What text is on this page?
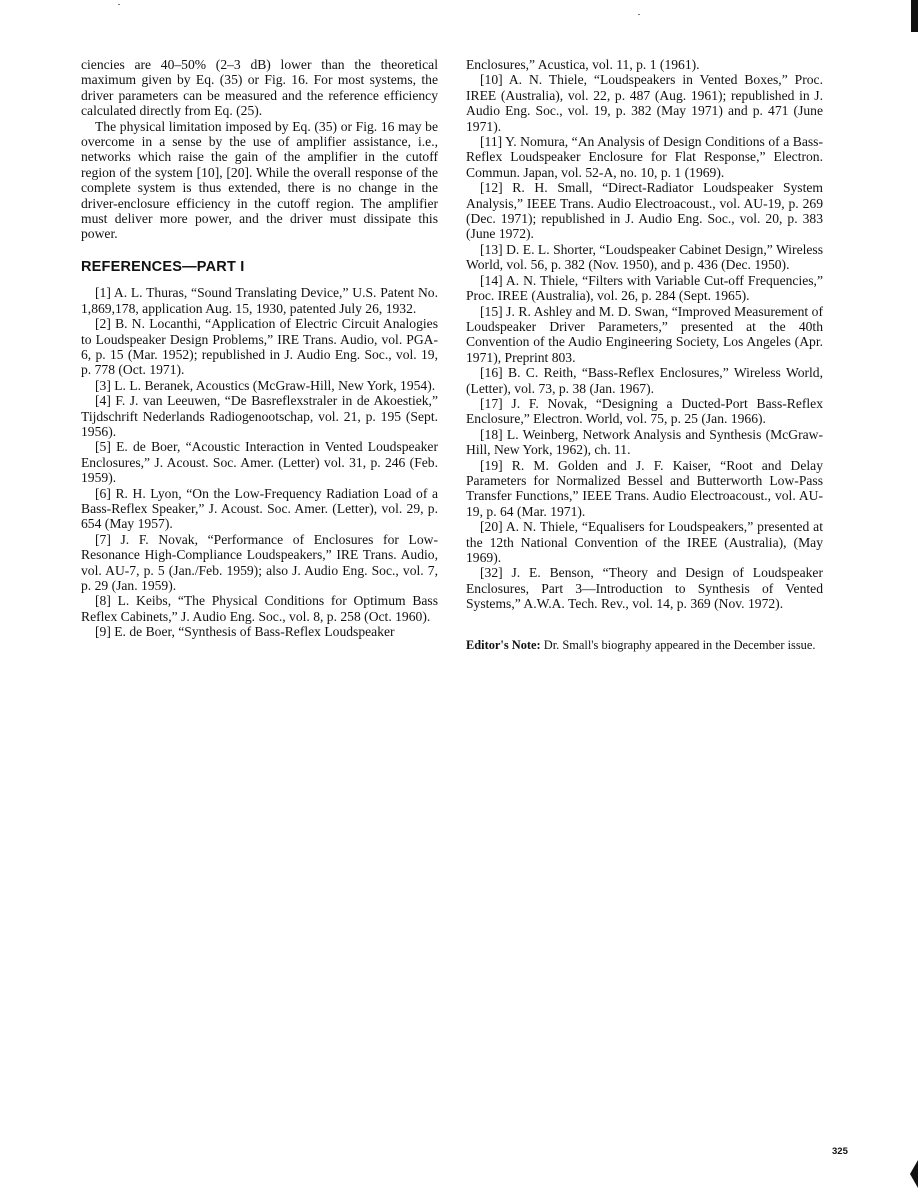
ciencies are 40–50% (2–3 dB) lower than the theoretical maximum given by Eq. (35) or Fig. 16. For most systems, the driver parameters can be measured and the reference efficiency calculated directly from Eq. (25).

The physical limitation imposed by Eq. (35) or Fig. 16 may be overcome in a sense by the use of amplifier assistance, i.e., networks which raise the gain of the amplifier in the cutoff region of the system [10], [20]. While the overall response of the complete system is thus extended, there is no change in the driver-enclosure efficiency in the cutoff region. The amplifier must deliver more power, and the driver must dissipate this power.

REFERENCES—PART I

[1] A. L. Thuras, “Sound Translating Device,” U.S. Patent No. 1,869,178, application Aug. 15, 1930, patented July 26, 1932.

[2] B. N. Locanthi, “Application of Electric Circuit Analogies to Loudspeaker Design Problems,” IRE Trans. Audio, vol. PGA-6, p. 15 (Mar. 1952); republished in J. Audio Eng. Soc., vol. 19, p. 778 (Oct. 1971).

[3] L. L. Beranek, Acoustics (McGraw-Hill, New York, 1954).

[4] F. J. van Leeuwen, “De Basreflexstraler in de Akoestiek,” Tijdschrift Nederlands Radiogenootschap, vol. 21, p. 195 (Sept. 1956).

[5] E. de Boer, “Acoustic Interaction in Vented Loudspeaker Enclosures,” J. Acoust. Soc. Amer. (Letter) vol. 31, p. 246 (Feb. 1959).

[6] R. H. Lyon, “On the Low-Frequency Radiation Load of a Bass-Reflex Speaker,” J. Acoust. Soc. Amer. (Letter), vol. 29, p. 654 (May 1957).

[7] J. F. Novak, “Performance of Enclosures for Low-Resonance High-Compliance Loudspeakers,” IRE Trans. Audio, vol. AU-7, p. 5 (Jan./Feb. 1959); also J. Audio Eng. Soc., vol. 7, p. 29 (Jan. 1959).

[8] L. Keibs, “The Physical Conditions for Optimum Bass Reflex Cabinets,” J. Audio Eng. Soc., vol. 8, p. 258 (Oct. 1960).

[9] E. de Boer, “Synthesis of Bass-Reflex Loudspeaker

Enclosures,” Acustica, vol. 11, p. 1 (1961).

[10] A. N. Thiele, “Loudspeakers in Vented Boxes,” Proc. IREE (Australia), vol. 22, p. 487 (Aug. 1961); republished in J. Audio Eng. Soc., vol. 19, p. 382 (May 1971) and p. 471 (June 1971).

[11] Y. Nomura, “An Analysis of Design Conditions of a Bass-Reflex Loudspeaker Enclosure for Flat Response,” Electron. Commun. Japan, vol. 52-A, no. 10, p. 1 (1969).

[12] R. H. Small, “Direct-Radiator Loudspeaker System Analysis,” IEEE Trans. Audio Electroacoust., vol. AU-19, p. 269 (Dec. 1971); republished in J. Audio Eng. Soc., vol. 20, p. 383 (June 1972).

[13] D. E. L. Shorter, “Loudspeaker Cabinet Design,” Wireless World, vol. 56, p. 382 (Nov. 1950), and p. 436 (Dec. 1950).

[14] A. N. Thiele, “Filters with Variable Cut-off Frequencies,” Proc. IREE (Australia), vol. 26, p. 284 (Sept. 1965).

[15] J. R. Ashley and M. D. Swan, “Improved Measurement of Loudspeaker Driver Parameters,” presented at the 40th Convention of the Audio Engineering Society, Los Angeles (Apr. 1971), Preprint 803.

[16] B. C. Reith, “Bass-Reflex Enclosures,” Wireless World, (Letter), vol. 73, p. 38 (Jan. 1967).

[17] J. F. Novak, “Designing a Ducted-Port Bass-Reflex Enclosure,” Electron. World, vol. 75, p. 25 (Jan. 1966).

[18] L. Weinberg, Network Analysis and Synthesis (McGraw-Hill, New York, 1962), ch. 11.

[19] R. M. Golden and J. F. Kaiser, “Root and Delay Parameters for Normalized Bessel and Butterworth Low-Pass Transfer Functions,” IEEE Trans. Audio Electroacoust., vol. AU-19, p. 64 (Mar. 1971).

[20] A. N. Thiele, “Equalisers for Loudspeakers,” presented at the 12th National Convention of the IREE (Australia), (May 1969).

[32] J. E. Benson, “Theory and Design of Loudspeaker Enclosures, Part 3—Introduction to Synthesis of Vented Systems,” A.W.A. Tech. Rev., vol. 14, p. 369 (Nov. 1972).

Editor's Note: Dr. Small's biography appeared in the December issue.
325
